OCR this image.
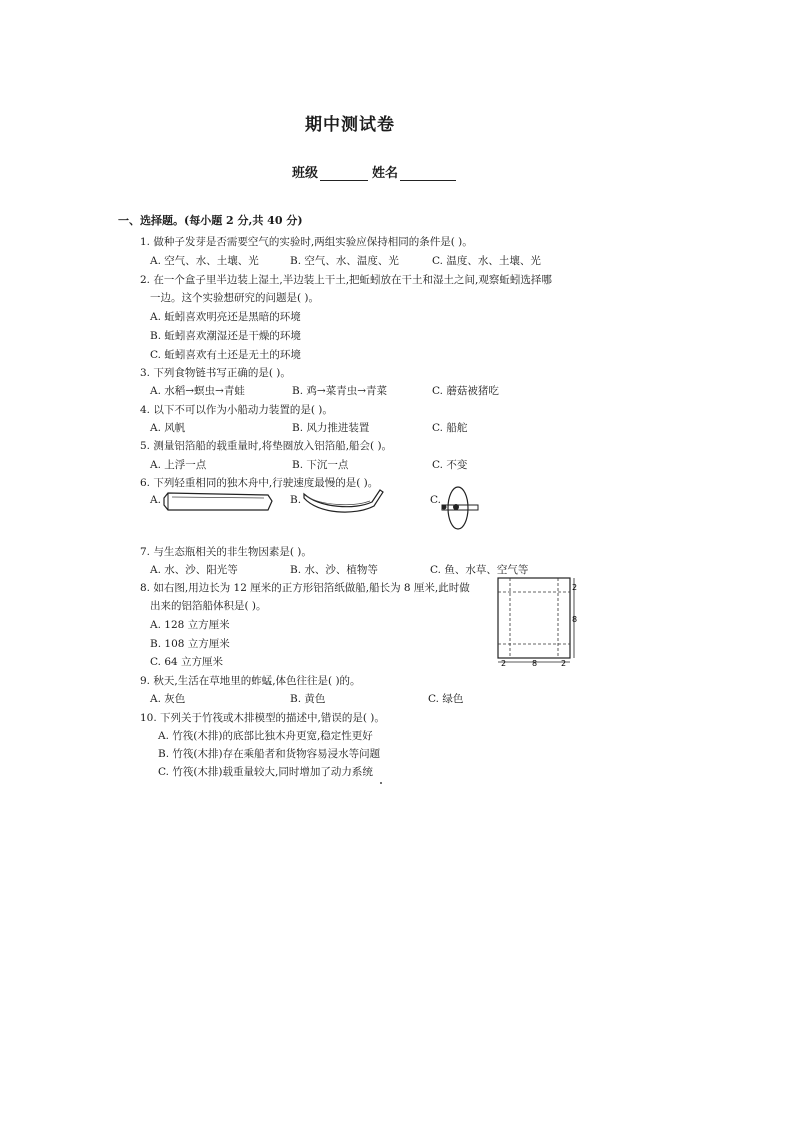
期中测试卷
班级	姓名
一、选择题。(每小题 2 分,共 40 分)
1. 做种子发芽是否需要空气的实验时,两组实验应保持相同的条件是( )。
A. 空气、水、土壤、光	B. 空气、水、温度、光	C. 温度、水、土壤、光
2. 在一个盒子里半边装上湿土,半边装上干土,把蚯蚓放在干土和湿土之间,观察蚯蚓选择哪
一边。这个实验想研究的问题是( )。
A. 蚯蚓喜欢明亮还是黑暗的环境
B. 蚯蚓喜欢潮湿还是干燥的环境
C. 蚯蚓喜欢有土还是无土的环境
3. 下列食物链书写正确的是( )。
A. 水稻→螟虫→青蛙	B. 鸡→菜青虫→青菜	C. 蘑菇被猪吃
4. 以下不可以作为小船动力装置的是( )。
A. 风帆	B. 风力推进装置	C. 船舵
5. 测量铝箔船的载重量时,将垫圈放入铝箔船,船会( )。
A. 上浮一点	B. 下沉一点	C. 不变
6. 下列轻重相同的独木舟中,行驶速度最慢的是( )。
A.	B.	C.
7. 与生态瓶相关的非生物因素是( )。
A. 水、沙、阳光等	B. 水、沙、植物等	C. 鱼、水草、空气等
8. 如右图,用边长为 12 厘米的正方形铝箔纸做船,船长为 8 厘米,此时做
出来的铝箔船体积是( )。
A. 128 立方厘米
B. 108 立方厘米
C. 64 立方厘米
2
8
2	8	2
9. 秋天,生活在草地里的蚱蜢,体色往往是( )的。
A. 灰色	B. 黄色	C. 绿色
10. 下列关于竹筏或木排模型的描述中,错误的是( )。
A. 竹筏(木排)的底部比独木舟更宽,稳定性更好
B. 竹筏(木排)存在乘船者和货物容易浸水等问题
C. 竹筏(木排)载重量较大,同时增加了动力系统
